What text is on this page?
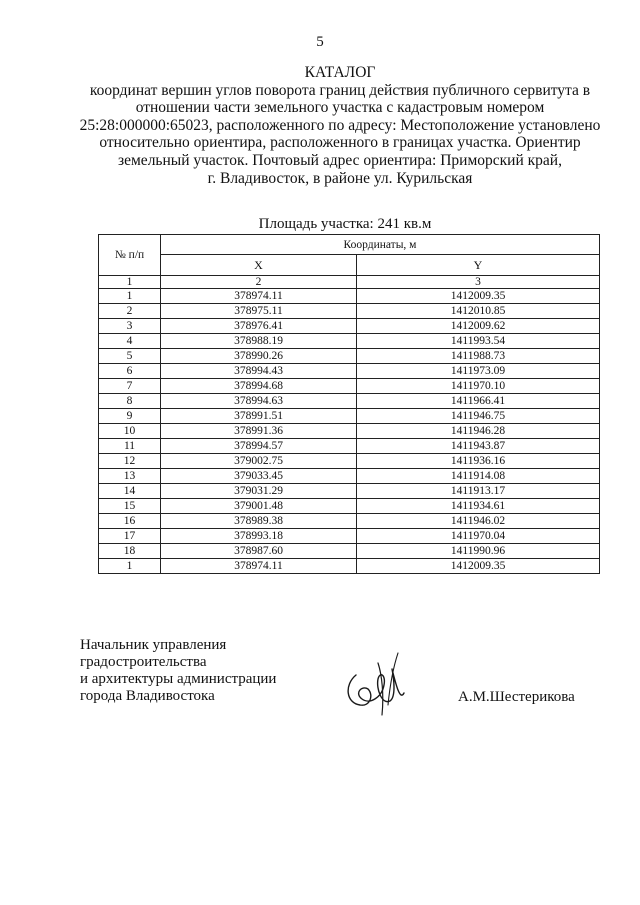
5
КАТАЛОГ
координат вершин углов поворота границ действия публичного сервитута в
отношении части земельного участка с кадастровым номером
25:28:000000:65023, расположенного по адресу: Местоположение установлено
относительно ориентира, расположенного в границах участка. Ориентир
земельный участок. Почтовый адрес ориентира: Приморский край,
г. Владивосток, в районе ул. Курильская
Площадь участка: 241 кв.м
№ п/п	Координаты, м	
	X	Y
1	2	3
1	378974.11	1412009.35
2	378975.11	1412010.85
3	378976.41	1412009.62
4	378988.19	1411993.54
5	378990.26	1411988.73
6	378994.43	1411973.09
7	378994.68	1411970.10
8	378994.63	1411966.41
9	378991.51	1411946.75
10	378991.36	1411946.28
11	378994.57	1411943.87
12	379002.75	1411936.16
13	379033.45	1411914.08
14	379031.29	1411913.17
15	379001.48	1411934.61
16	378989.38	1411946.02
17	378993.18	1411970.04
18	378987.60	1411990.96
1	378974.11	1412009.35
Начальник управления
градостроительства
и архитектуры администрации
города Владивостока	А.М.Шестерикова
